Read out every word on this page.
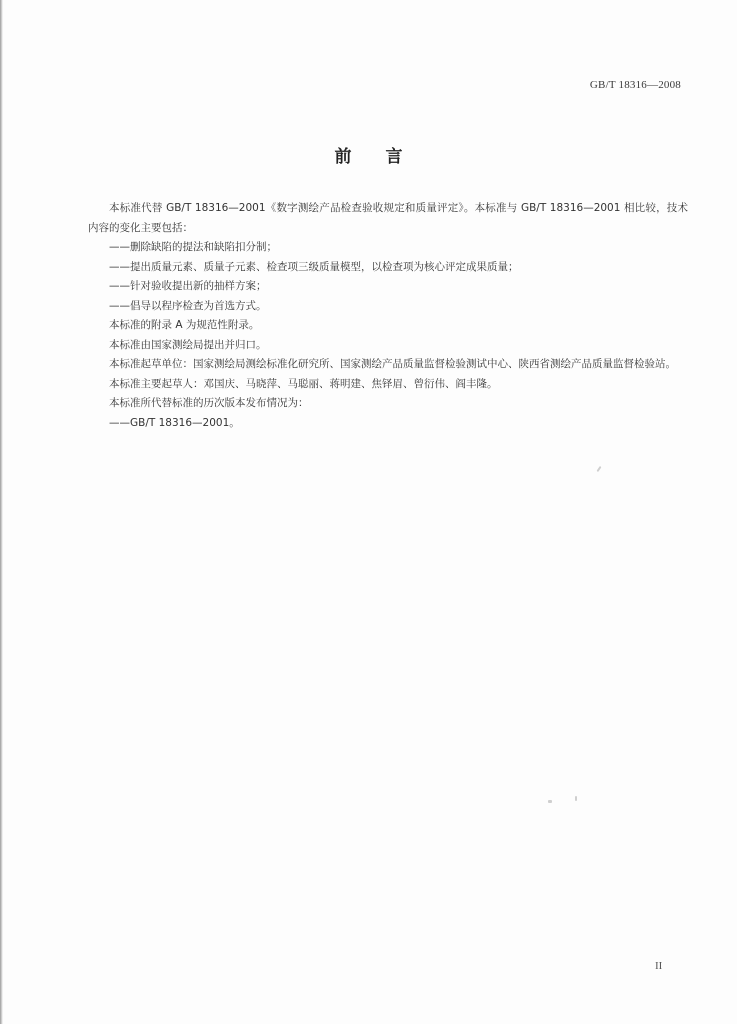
GB/T 18316—2008
前 言

本标准代替 GB/T 18316—2001《数字测绘产品检查验收规定和质量评定》。本标准与 GB/T 18316—2001 相比较，技术内容的变化主要包括：

——删除缺陷的提法和缺陷扣分制；

——提出质量元素、质量子元素、检查项三级质量模型，以检查项为核心评定成果质量；

——针对验收提出新的抽样方案；

——倡导以程序检查为首选方式。

本标准的附录 A 为规范性附录。

本标准由国家测绘局提出并归口。

本标准起草单位：国家测绘局测绘标准化研究所、国家测绘产品质量监督检验测试中心、陕西省测绘产品质量监督检验站。

本标准主要起草人：邓国庆、马晓萍、马聪丽、蒋明建、焦铎眉、曾衍伟、阎丰隆。

本标准所代替标准的历次版本发布情况为：

——GB/T 18316—2001。

II
